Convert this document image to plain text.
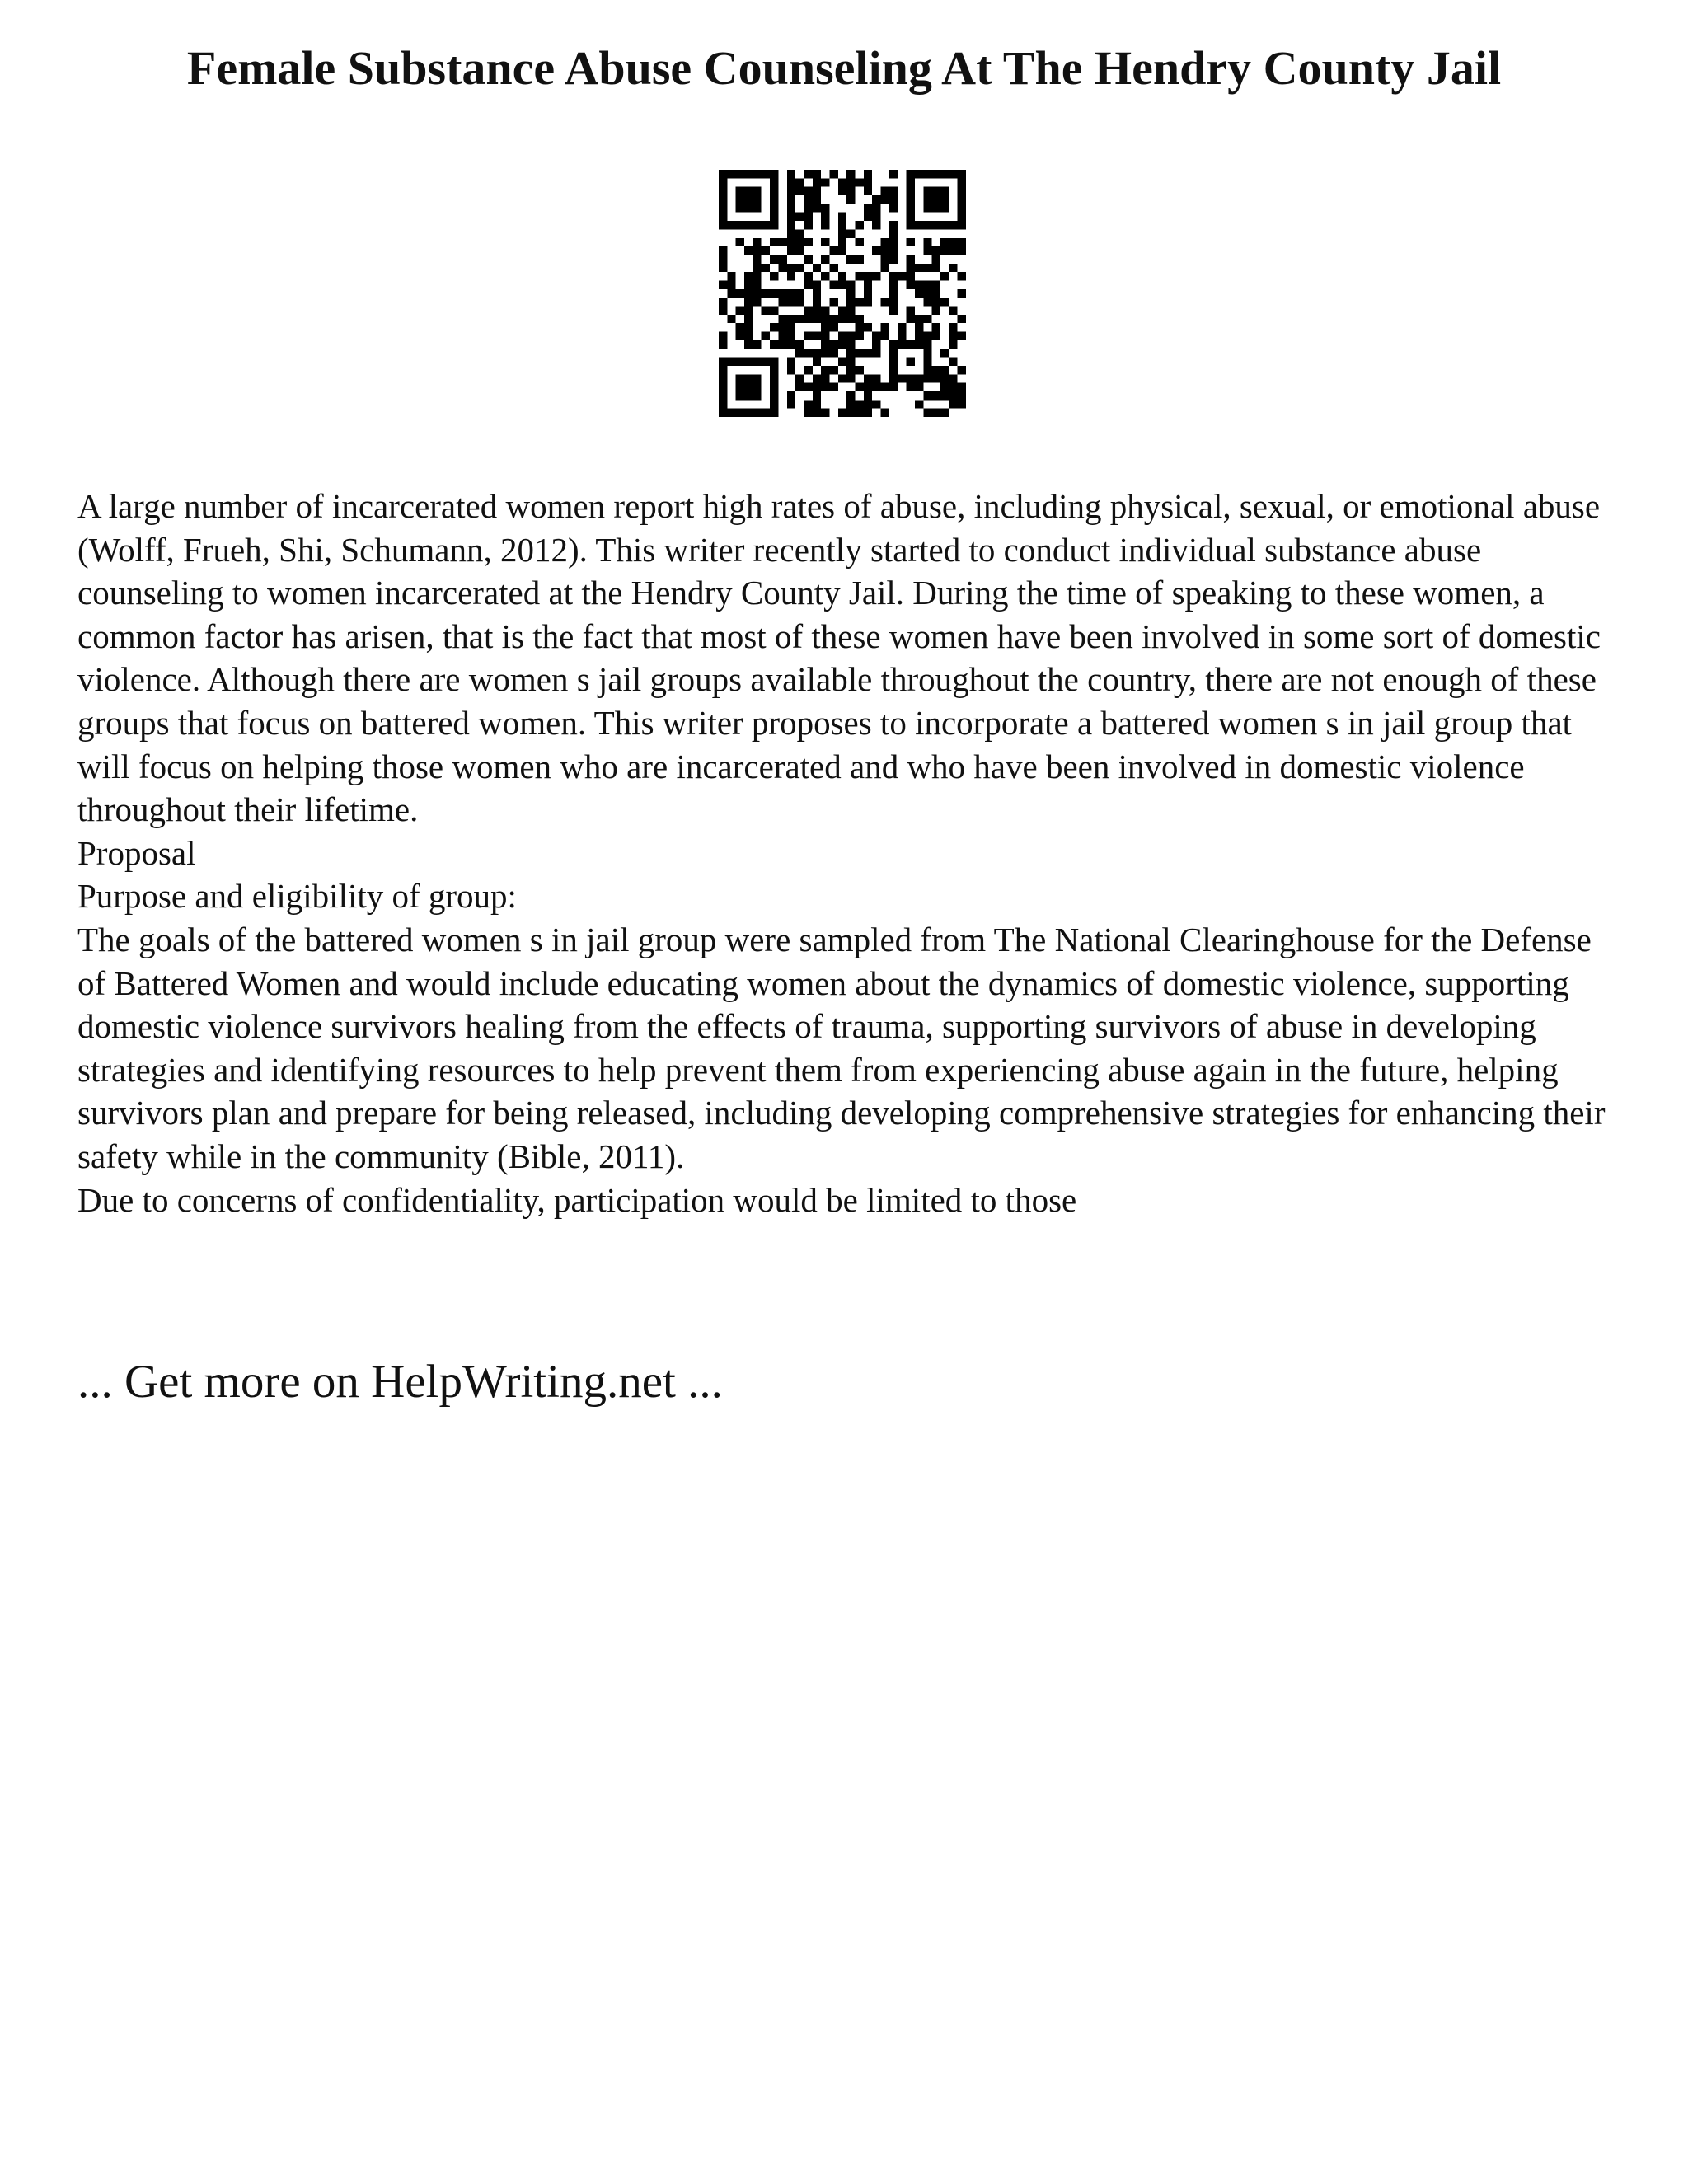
Female Substance Abuse Counseling At The Hendry County Jail

A large number of incarcerated women report high rates of abuse, including physical, sexual, or emotional abuse (Wolff, Frueh, Shi, Schumann, 2012). This writer recently started to conduct individual substance abuse counseling to women incarcerated at the Hendry County Jail. During the time of speaking to these women, a common factor has arisen, that is the fact that most of these women have been involved in some sort of domestic violence. Although there are women s jail groups available throughout the country, there are not enough of these groups that focus on battered women. This writer proposes to incorporate a battered women s in jail group that will focus on helping those women who are incarcerated and who have been involved in domestic violence throughout their lifetime.

Proposal

Purpose and eligibility of group:

The goals of the battered women s in jail group were sampled from The National Clearinghouse for the Defense of Battered Women and would include educating women about the dynamics of domestic violence, supporting domestic violence survivors healing from the effects of trauma, supporting survivors of abuse in developing strategies and identifying resources to help prevent them from experiencing abuse again in the future, helping survivors plan and prepare for being released, including developing comprehensive strategies for enhancing their safety while in the community (Bible, 2011).

Due to concerns of confidentiality, participation would be limited to those

... Get more on HelpWriting.net ...
